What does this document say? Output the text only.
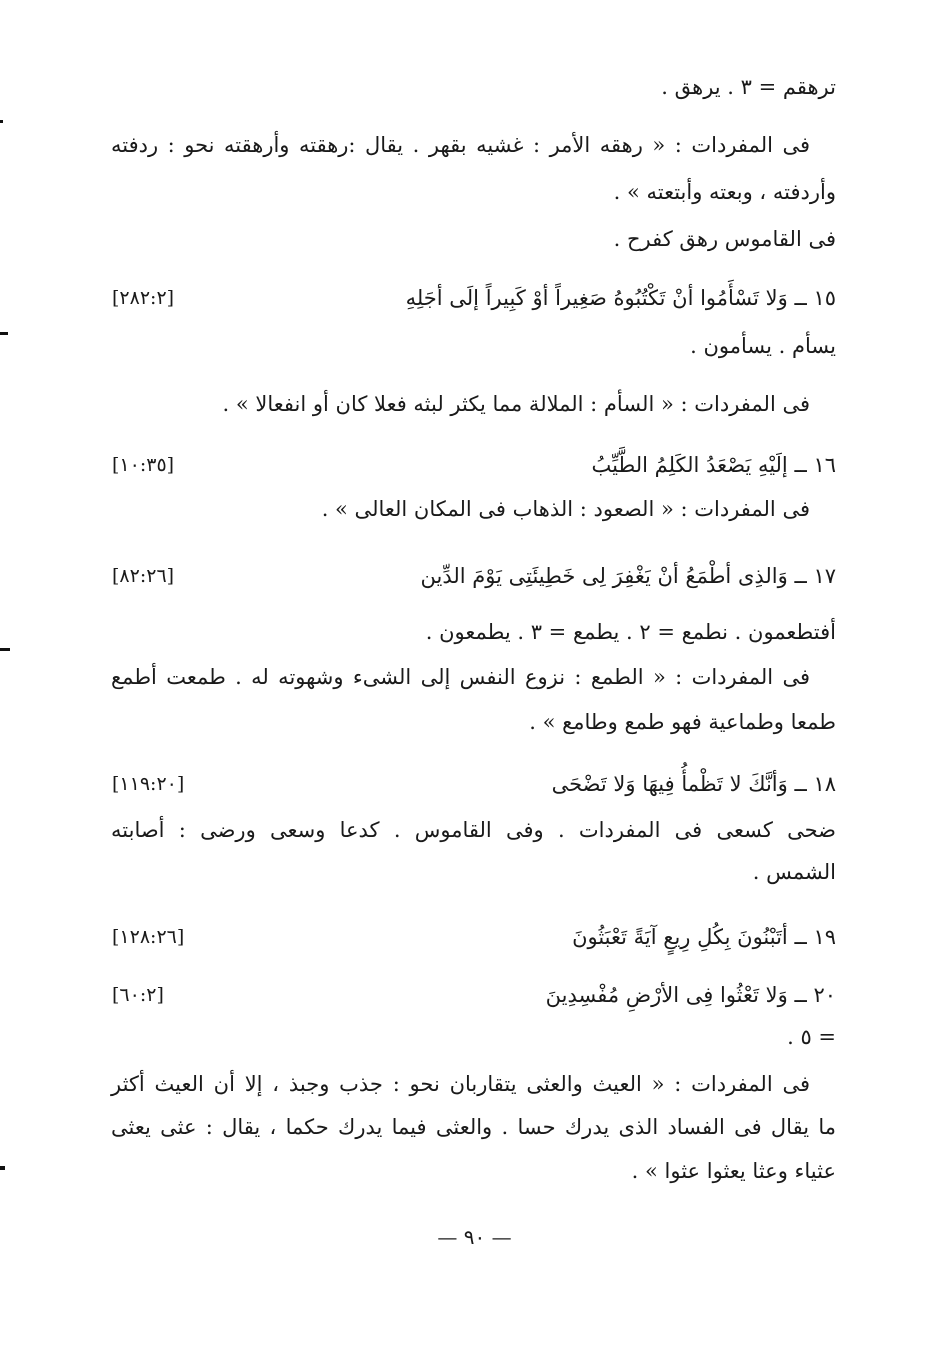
ترهقم = ٣ . يرهق .
فى المفردات : « رهقه الأمر : غشيه بقهر . يقال :رهقته وأرهقته نحو : ردفته
وأردفته ، وبعته وأبتعته » .
فى القاموس رهق كفرح .
١٥ ــ وَلا تَسْأَمُوا أنْ تَكْتُبُوهُ صَغِيراً أوْ كَبِيراً إلَى أجَلِهِ
[٢٨٢:٢]
يسأم . يسأمون .
فى المفردات : « السأم : الملالة مما يكثر لبثه فعلا كان أو انفعالا » .
١٦ ــ إلَيْهِ يَصْعَدُ الكَلِمُ الطَّيِّبُ
[١٠:٣٥]
فى المفردات : « الصعود : الذهاب فى المكان العالى » .
١٧ ــ وَالذِى أطْمَعُ أنْ يَغْفِرَ لِى خَطِيئَتِى يَوْمَ الدِّين
[٨٢:٢٦]
أفتطعمون . نطمع = ٢ . يطمع = ٣ . يطمعون .
فى المفردات : « الطمع : نزوع النفس إلى الشىء وشهوته له . طمعت أطمع
طمعا وطماعية فهو طمع وطامع » .
١٨ ــ وَأنَّكَ لا تَظْمأُ فِيهَا وَلا تَضْحَى
[١١٩:٢٠]
ضحى كسعى فى المفردات . وفى القاموس . كدعا وسعى ورضى : أصابته
الشمس .
١٩ ــ أتَبْنُونَ بِكُلِ رِيعٍ آيَةً تَعْبَثُونَ
[١٢٨:٢٦]
٢٠ ــ وَلا تَعْثُوا فِى الأرْضِ مُفْسِدِينَ
[٦٠:٢]
= ٥ .
فى المفردات : « العيث والعثى يتقاربان نحو : جذب وجبذ ، إلا أن العيث أكثر
ما يقال فى الفساد الذى يدرك حسا . والعثى فيما يدرك حكما ، يقال : عثى يعثى
عثياء وعثا يعثوا عثوا » .
— ٩٠ —
